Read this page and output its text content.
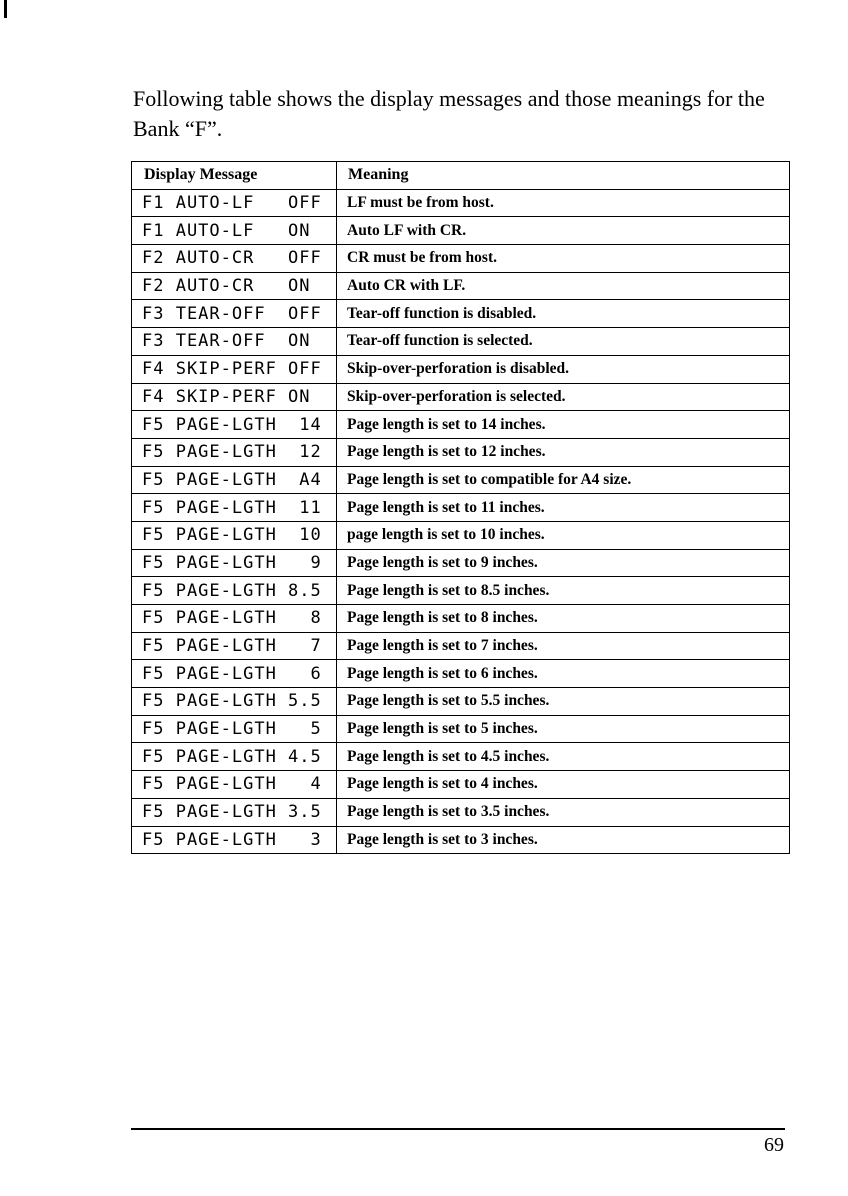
Following table shows the display messages and those meanings for the Bank “F”.

Display Message	Meaning
F1 AUTO-LF   OFF	LF must be from host.
F1 AUTO-LF   ON	Auto LF with CR.
F2 AUTO-CR   OFF	CR must be from host.
F2 AUTO-CR   ON	Auto CR with LF.
F3 TEAR-OFF  OFF	Tear-off function is disabled.
F3 TEAR-OFF  ON	Tear-off function is selected.
F4 SKIP-PERF OFF	Skip-over-perforation is disabled.
F4 SKIP-PERF ON	Skip-over-perforation is selected.
F5 PAGE-LGTH  14	Page length is set to 14 inches.
F5 PAGE-LGTH  12	Page length is set to 12 inches.
F5 PAGE-LGTH  A4	Page length is set to compatible for A4 size.
F5 PAGE-LGTH  11	Page length is set to 11 inches.
F5 PAGE-LGTH  10	page length is set to 10 inches.
F5 PAGE-LGTH   9	Page length is set to 9 inches.
F5 PAGE-LGTH 8.5	Page length is set to 8.5 inches.
F5 PAGE-LGTH   8	Page length is set to 8 inches.
F5 PAGE-LGTH   7	Page length is set to 7 inches.
F5 PAGE-LGTH   6	Page length is set to 6 inches.
F5 PAGE-LGTH 5.5	Page length is set to 5.5 inches.
F5 PAGE-LGTH   5	Page length is set to 5 inches.
F5 PAGE-LGTH 4.5	Page length is set to 4.5 inches.
F5 PAGE-LGTH   4	Page length is set to 4 inches.
F5 PAGE-LGTH 3.5	Page length is set to 3.5 inches.
F5 PAGE-LGTH   3	Page length is set to 3 inches.
69
